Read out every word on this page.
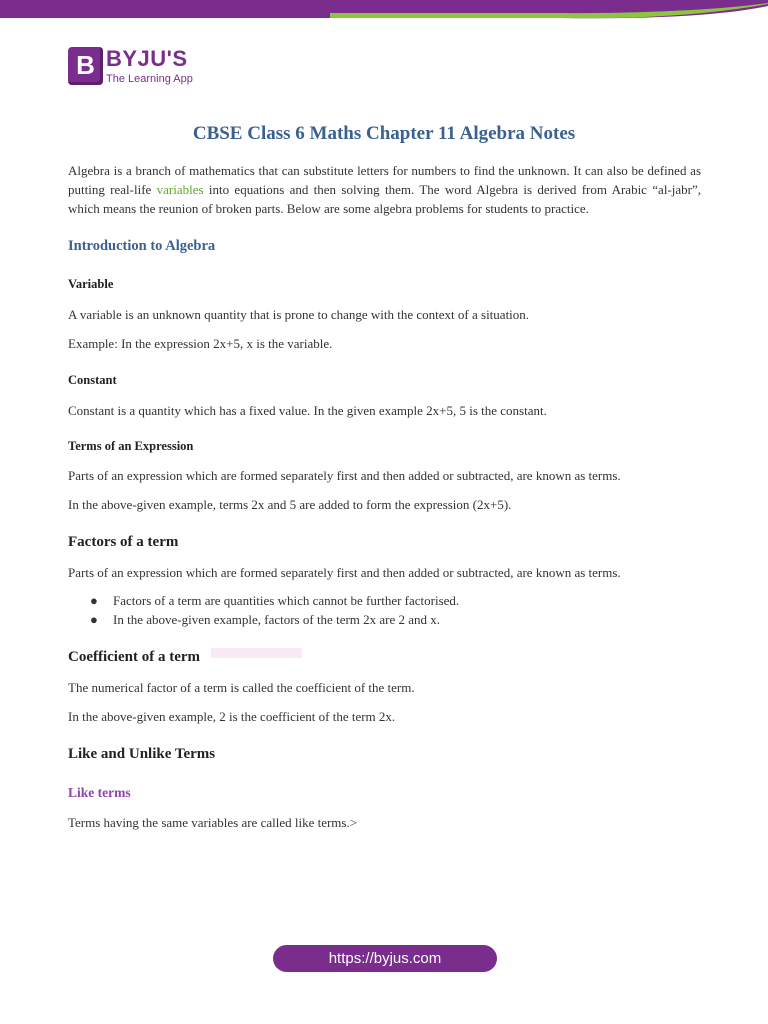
B BYJU'S
The Learning App
CBSE Class 6 Maths Chapter 11 Algebra Notes

Algebra is a branch of mathematics that can substitute letters for numbers to find the unknown. It can also be defined as putting real-life variables into equations and then solving them. The word Algebra is derived from Arabic “al-jabr”, which means the reunion of broken parts. Below are some algebra problems for students to practice.

Introduction to Algebra
Variable

A variable is an unknown quantity that is prone to change with the context of a situation.

Example: In the expression 2x+5, x is the variable.

Constant

Constant is a quantity which has a fixed value. In the given example 2x+5, 5 is the constant.

Terms of an Expression

Parts of an expression which are formed separately first and then added or subtracted, are known as terms.

In the above-given example, terms 2x and 5 are added to form the expression (2x+5).

Factors of a term

Parts of an expression which are formed separately first and then added or subtracted, are known as terms.

● Factors of a term are quantities which cannot be further factorised.
● In the above-given example, factors of the term 2x are 2 and x.
Coefficient of a term

The numerical factor of a term is called the coefficient of the term.

In the above-given example, 2 is the coefficient of the term 2x.

Like and Unlike Terms
Like terms

Terms having the same variables are called like terms.>

https://byjus.com
